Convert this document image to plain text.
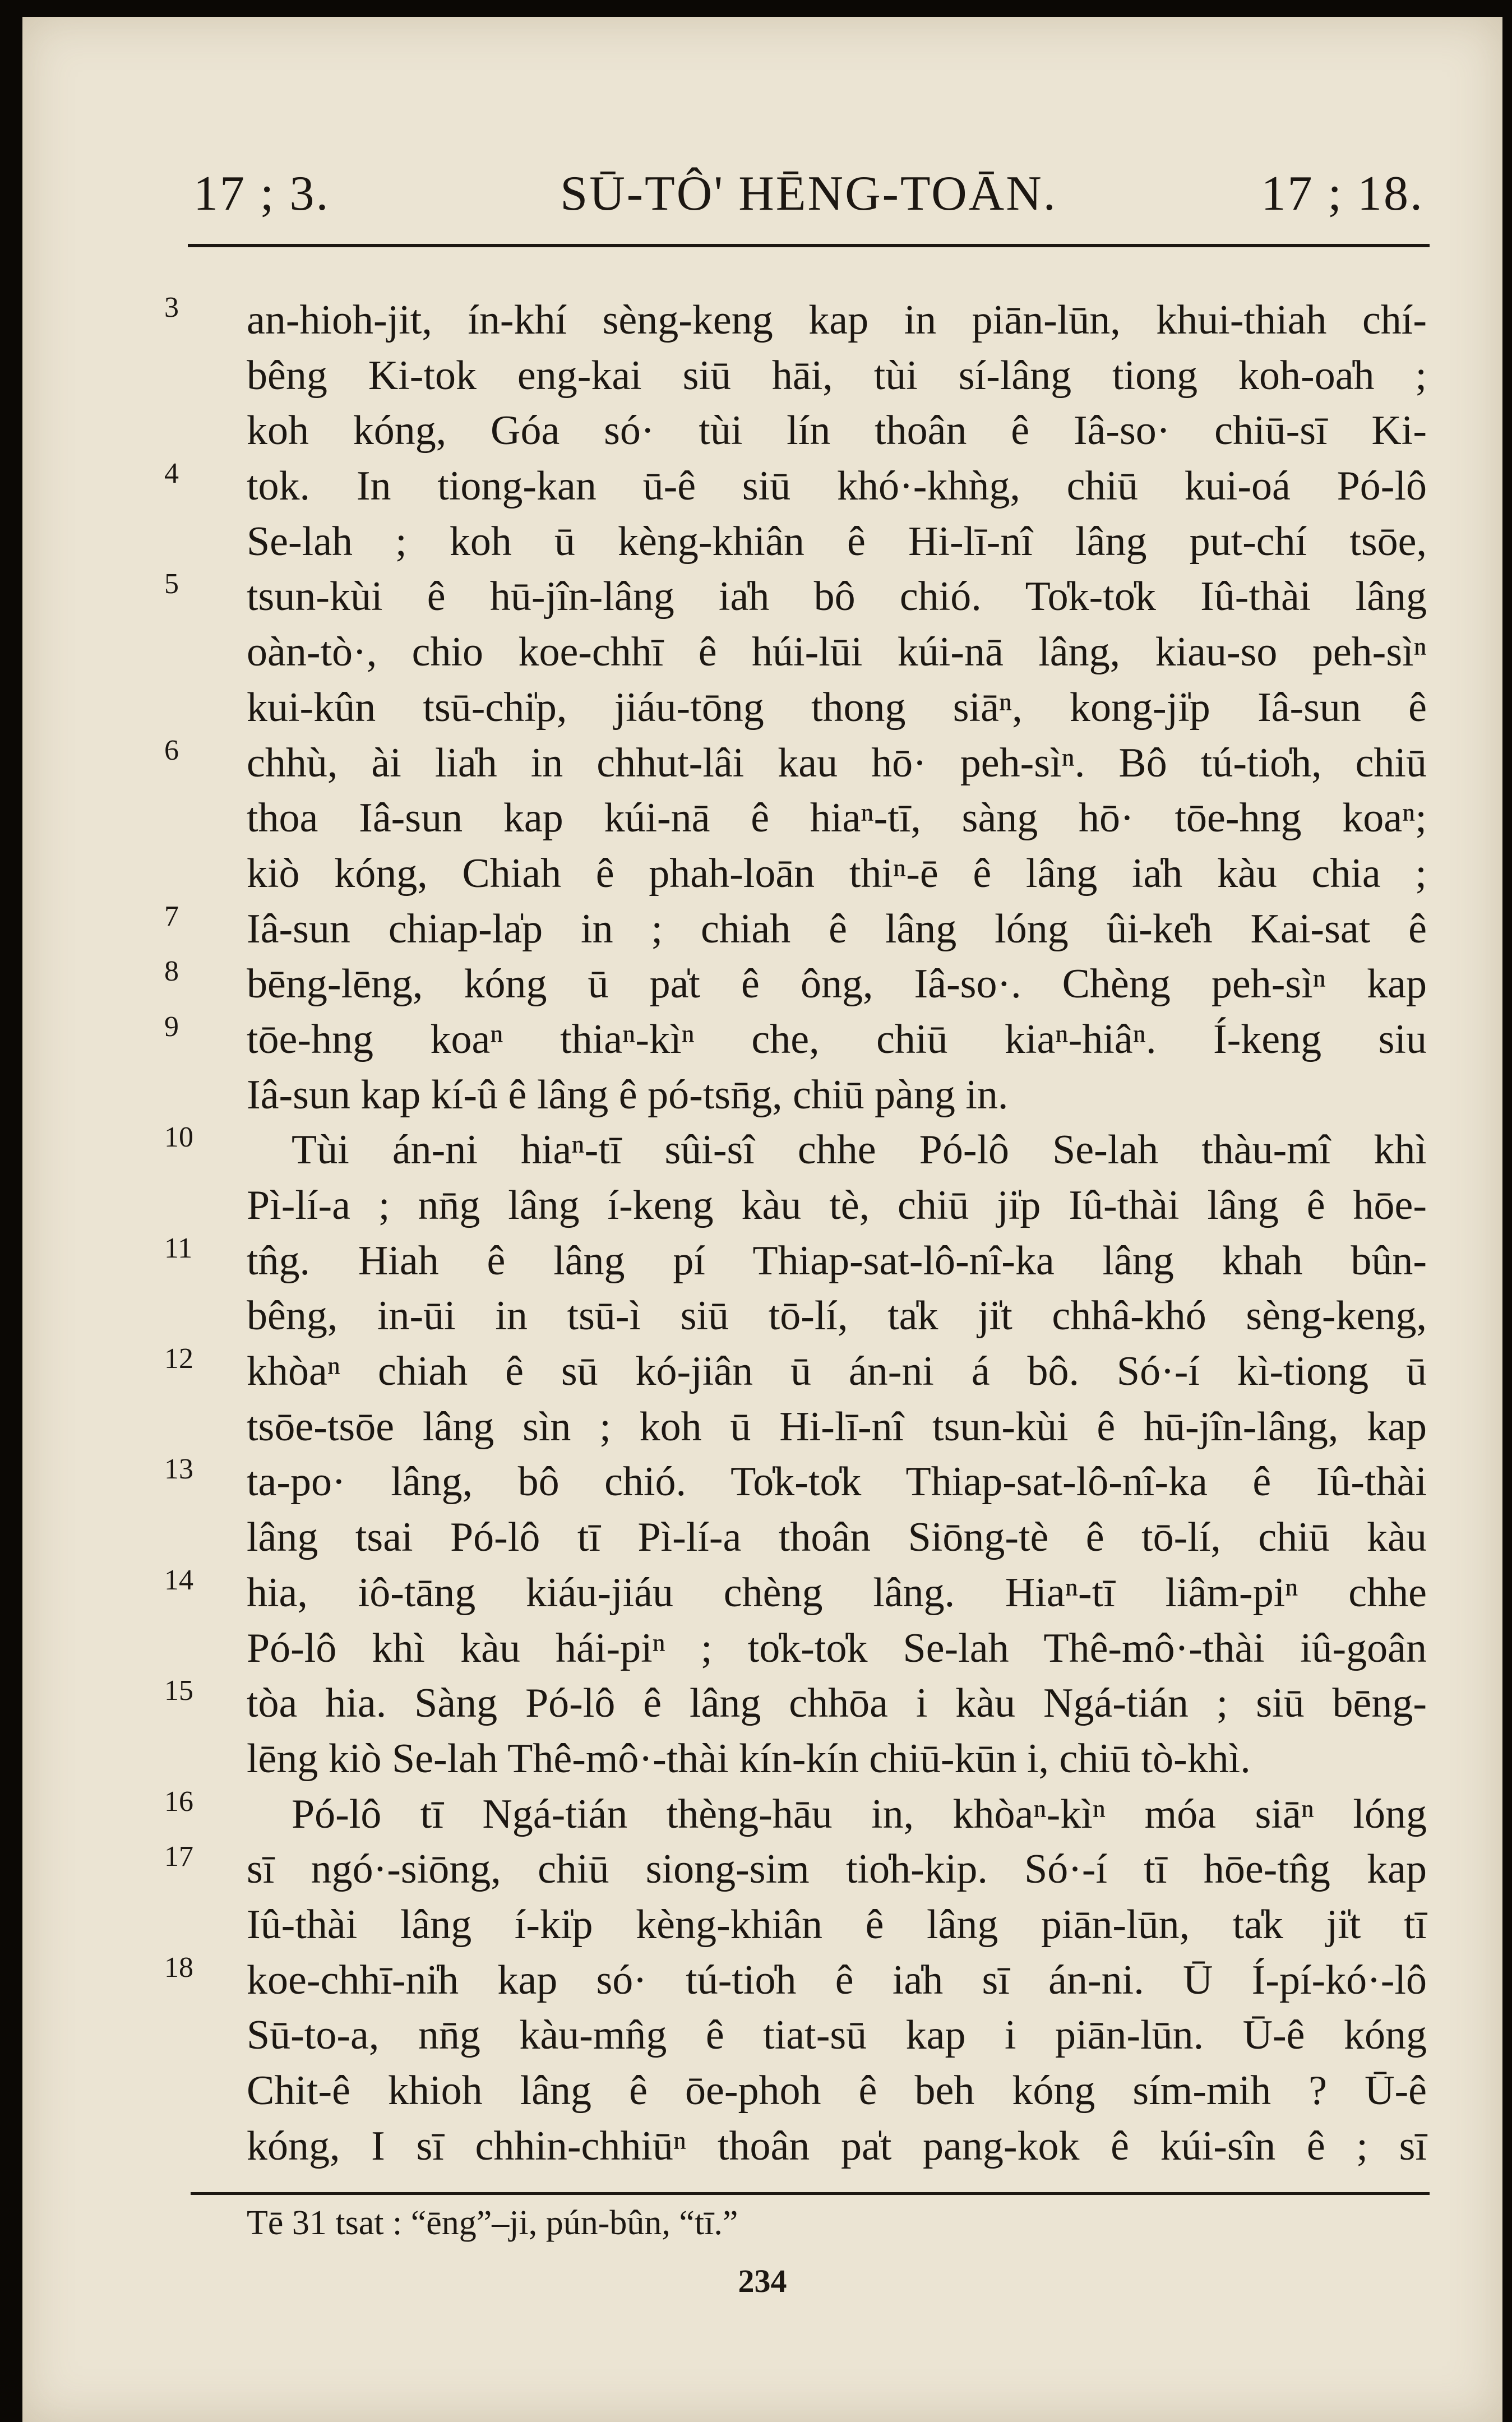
17 ; 3.	SŪ-TÔ' HĒNG-TOĀN.	17 ; 18.
3 an-hioh-jit, ín-khí sèng-keng kap in piān-lūn, khui-thiah chí-
bêng Ki-tok eng-kai siū hāi, tùi sí-lâng tiong koh-oa̍h ;
koh kóng, Góa só· tùi lín thoân ê Iâ-so· chiū-sī Ki-
4 tok. In tiong-kan ū-ê siū khó·-khǹg, chiū kui-oá Pó-lô
Se-lah ; koh ū kèng-khiân ê Hi-lī-nî lâng put-chí tsōe,
5 tsun-kùi ê hū-jîn-lâng ia̍h bô chió. To̍k-to̍k Iû-thài lâng
oàn-tò·, chio koe-chhī ê húi-lūi kúi-nā lâng, kiau-so peh-sìⁿ
kui-kûn tsū-chi̍p, jiáu-tōng thong siāⁿ, kong-ji̍p Iâ-sun ê
6 chhù, ài lia̍h in chhut-lâi kau hō· peh-sìⁿ. Bô tú-tio̍h, chiū
thoa Iâ-sun kap kúi-nā ê hiaⁿ-tī, sàng hō· tōe-hng koaⁿ;
kiò kóng, Chiah ê phah-loān thiⁿ-ē ê lâng ia̍h kàu chia ;
7 Iâ-sun chiap-la̍p in ; chiah ê lâng lóng ûi-ke̍h Kai-sat ê
8 bēng-lēng, kóng ū pa̍t ê ông, Iâ-so·. Chèng peh-sìⁿ kap
9 tōe-hng koaⁿ thiaⁿ-kìⁿ che, chiū kiaⁿ-hiâⁿ. Í-keng siu
Iâ-sun kap kí-û ê lâng ê pó-tsn̄g, chiū pàng in.
10 Tùi án-ni hiaⁿ-tī sûi-sî chhe Pó-lô Se-lah thàu-mî khì
Pì-lí-a ; nn̄g lâng í-keng kàu tè, chiū ji̍p Iû-thài lâng ê hōe-
11 tn̂g. Hiah ê lâng pí Thiap-sat-lô-nî-ka lâng khah bûn-
bêng, in-ūi in tsū-ì siū tō-lí, ta̍k ji̍t chhâ-khó sèng-keng,
12 khòaⁿ chiah ê sū kó-jiân ū án-ni á bô. Só·-í kì-tiong ū
tsōe-tsōe lâng sìn ; koh ū Hi-lī-nî tsun-kùi ê hū-jîn-lâng, kap
13 ta-po· lâng, bô chió. To̍k-to̍k Thiap-sat-lô-nî-ka ê Iû-thài
lâng tsai Pó-lô tī Pì-lí-a thoân Siōng-tè ê tō-lí, chiū kàu
14 hia, iô-tāng kiáu-jiáu chèng lâng. Hiaⁿ-tī liâm-piⁿ chhe
Pó-lô khì kàu hái-piⁿ ; to̍k-to̍k Se-lah Thê-mô·-thài iû-goân
15 tòa hia. Sàng Pó-lô ê lâng chhōa i kàu Ngá-tián ; siū bēng-
lēng kiò Se-lah Thê-mô·-thài kín-kín chiū-kūn i, chiū tò-khì.
16 Pó-lô tī Ngá-tián thèng-hāu in, khòaⁿ-kìⁿ móa siāⁿ lóng
17 sī ngó·-siōng, chiū siong-sim tio̍h-kip. Só·-í tī hōe-tn̂g kap
Iû-thài lâng í-ki̍p kèng-khiân ê lâng piān-lūn, ta̍k ji̍t tī
18 koe-chhī-ni̍h kap só· tú-tio̍h ê ia̍h sī án-ni. Ū Í-pí-kó·-lô
Sū-to-a, nn̄g kàu-mn̂g ê tiat-sū kap i piān-lūn. Ū-ê kóng
Chit-ê khioh lâng ê ōe-phoh ê beh kóng sím-mih ? Ū-ê
kóng, I sī chhin-chhiūⁿ thoân pa̍t pang-kok ê kúi-sîn ê ; sī
Tē 31 tsat : “ēng”–ji, pún-bûn, “tī.”
234
